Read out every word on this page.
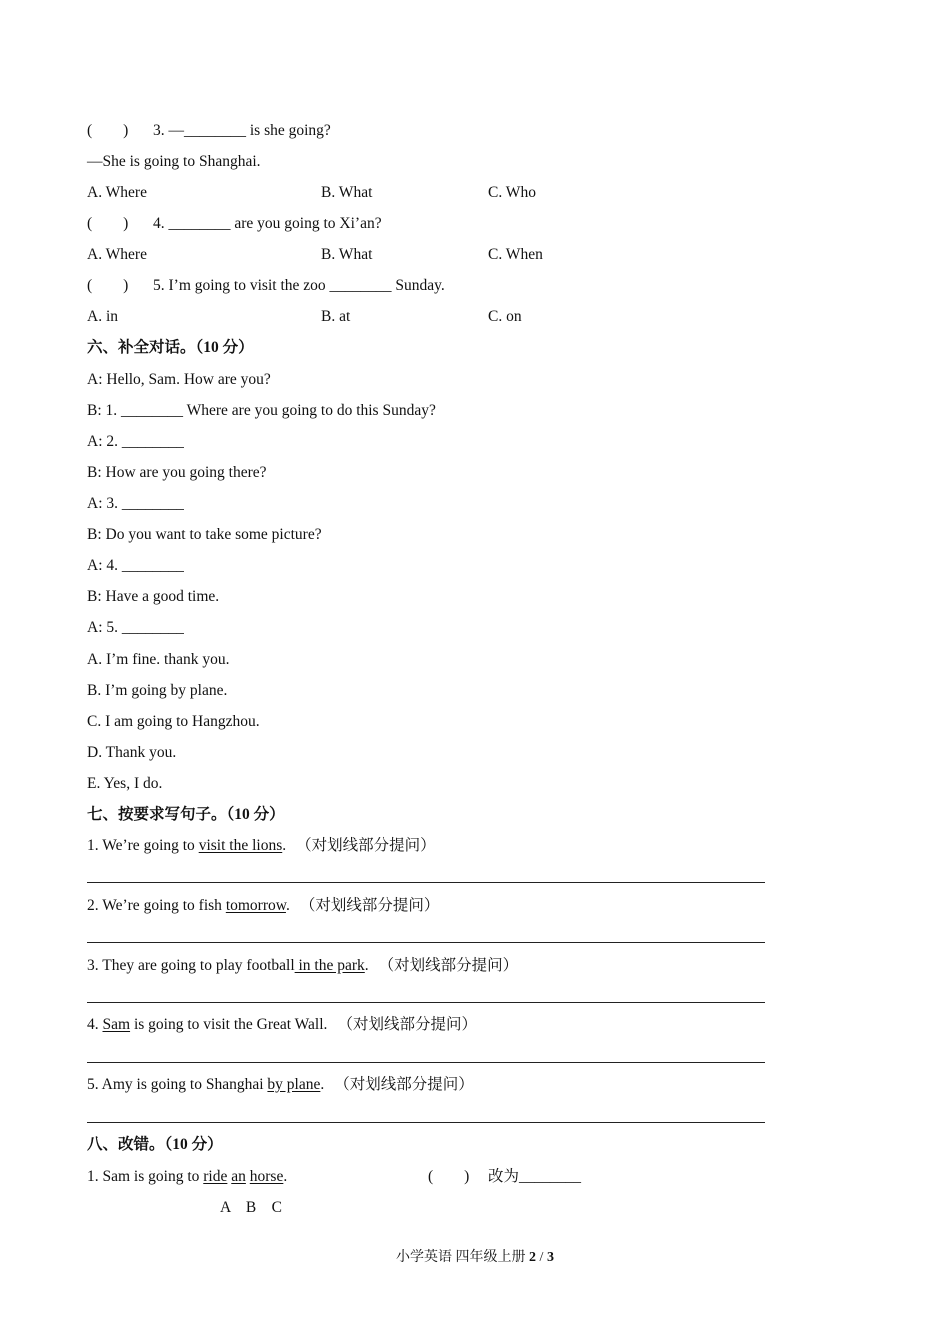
(　　) 3. —________ is she going?
—She is going to Shanghai.
A. Where	B. What	C. Who
(　　) 4. ________ are you going to Xi’an?
A. Where	B. What	C. When
(　　) 5. I’m going to visit the zoo ________ Sunday.
A. in	B. at	C. on
六、补全对话。（10 分）
A: Hello, Sam. How are you?
B: 1. ________ Where are you going to do this Sunday?
A: 2. ________
B: How are you going there?
A: 3. ________
B: Do you want to take some picture?
A: 4. ________
B: Have a good time.
A: 5. ________
A. I’m fine. thank you.
B. I’m going by plane.
C. I am going to Hangzhou.
D. Thank you.
E. Yes, I do.
七、按要求写句子。（10 分）
1. We’re going to visit the lions. （对划线部分提问）
2. We’re going to fish tomorrow. （对划线部分提问）
3. They are going to play football in the park. （对划线部分提问）
4. Sam is going to visit the Great Wall. （对划线部分提问）
5. Amy is going to Shanghai by plane. （对划线部分提问）
八、改错。（10 分）
1. Sam is going to ride an horse.	(　　) 改为________
A　B　C
小学英语 四年级上册 2 / 3
